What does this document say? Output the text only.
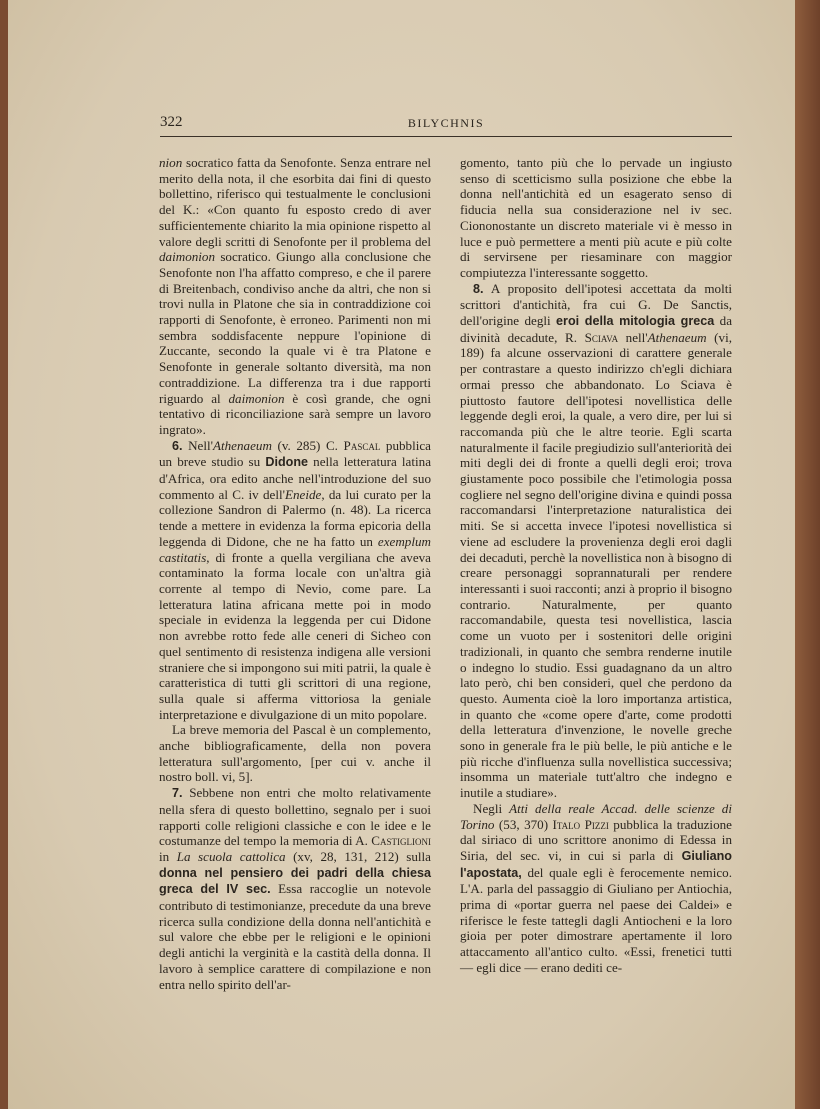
322	BILYCHNIS

nion socratico fatta da Senofonte. Senza entrare nel merito della nota, il che esorbita dai fini di questo bollettino, riferisco qui testualmente le conclusioni del K.: «Con quanto fu esposto credo di aver sufficientemente chiarito la mia opinione rispetto al valore degli scritti di Senofonte per il problema del daimonion socratico. Giungo alla conclusione che Senofonte non l'ha affatto compreso, e che il parere di Breitenbach, condiviso anche da altri, che non si trovi nulla in Platone che sia in contraddizione coi rapporti di Senofonte, è erroneo. Parimenti non mi sembra soddisfacente neppure l'opinione di Zuccante, secondo la quale vi è tra Platone e Senofonte in generale soltanto diversità, ma non contraddizione. La differenza tra i due rapporti riguardo al daimonion è così grande, che ogni tentativo di riconciliazione sarà sempre un lavoro ingrato».

6. Nell'Athenaeum (v. 285) C. Pascal pubblica un breve studio su Didone nella letteratura latina d'Africa, ora edito anche nell'introduzione del suo commento al C. iv dell'Eneide, da lui curato per la collezione Sandron di Palermo (n. 48). La ricerca tende a mettere in evidenza la forma epicoria della leggenda di Didone, che ne ha fatto un exemplum castitatis, di fronte a quella vergiliana che aveva contaminato la forma locale con un'altra già corrente al tempo di Nevio, come pare. La letteratura latina africana mette poi in modo speciale in evidenza la leggenda per cui Didone non avrebbe rotto fede alle ceneri di Sicheo con quel sentimento di resistenza indigena alle versioni straniere che si impongono sui miti patrii, la quale è caratteristica di tutti gli scrittori di una regione, sulla quale si afferma vittoriosa la geniale interpretazione e divulgazione di un mito popolare.

La breve memoria del Pascal è un complemento, anche bibliograficamente, della non povera letteratura sull'argomento, [per cui v. anche il nostro boll. vi, 5].

7. Sebbene non entri che molto relativamente nella sfera di questo bollettino, segnalo per i suoi rapporti colle religioni classiche e con le idee e le costumanze del tempo la memoria di A. Castiglioni in La scuola cattolica (xv, 28, 131, 212) sulla donna nel pensiero dei padri della chiesa greca del IV sec. Essa raccoglie un notevole contributo di testimonianze, precedute da una breve ricerca sulla condizione della donna nell'antichità e sul valore che ebbe per le religioni e le opinioni degli antichi la verginità e la castità della donna. Il lavoro à semplice carattere di compilazione e non entra nello spirito dell'ar-

gomento, tanto più che lo pervade un ingiusto senso di scetticismo sulla posizione che ebbe la donna nell'antichità ed un esagerato senso di fiducia nella sua considerazione nel iv sec. Ciononostante un discreto materiale vi è messo in luce e può permettere a menti più acute e più colte di servirsene per riesaminare con maggior compiutezza l'interessante soggetto.

8. A proposito dell'ipotesi accettata da molti scrittori d'antichità, fra cui G. De Sanctis, dell'origine degli eroi della mitologia greca da divinità decadute, R. Sciava nell'Athenaeum (vi, 189) fa alcune osservazioni di carattere generale per contrastare a questo indirizzo ch'egli dichiara ormai presso che abbandonato. Lo Sciava è piuttosto fautore dell'ipotesi novellistica delle leggende degli eroi, la quale, a vero dire, per lui si raccomanda più che le altre teorie. Egli scarta naturalmente il facile pregiudizio sull'anteriorità dei miti degli dei di fronte a quelli degli eroi; trova giustamente poco possibile che l'etimologia possa cogliere nel segno dell'origine divina e quindi possa raccomandarsi l'interpretazione naturalistica dei miti. Se si accetta invece l'ipotesi novellistica si viene ad escludere la provenienza degli eroi dagli dei decaduti, perchè la novellistica non à bisogno di creare personaggi soprannaturali per rendere interessanti i suoi racconti; anzi à proprio il bisogno contrario. Naturalmente, per quanto raccomandabile, questa tesi novellistica, lascia come un vuoto per i sostenitori delle origini tradizionali, in quanto che sembra renderne inutile o indegno lo studio. Essi guadagnano da un altro lato però, chi ben consideri, quel che perdono da questo. Aumenta cioè la loro importanza artistica, in quanto che «come opere d'arte, come prodotti della letteratura d'invenzione, le novelle greche sono in generale fra le più belle, le più antiche e le più ricche d'influenza sulla novellistica successiva; insomma un materiale tutt'altro che indegno e inutile a studiare».

Negli Atti della reale Accad. delle scienze di Torino (53, 370) Italo Pizzi pubblica la traduzione dal siriaco di uno scrittore anonimo di Edessa in Siria, del sec. vi, in cui si parla di Giuliano l'apostata, del quale egli è ferocemente nemico. L'A. parla del passaggio di Giuliano per Antiochia, prima di «portar guerra nel paese dei Caldei» e riferisce le feste tattegli dagli Antiocheni e la loro gioia per poter dimostrare apertamente il loro attaccamento all'antico culto. «Essi, frenetici tutti — egli dice — erano dediti ce-
